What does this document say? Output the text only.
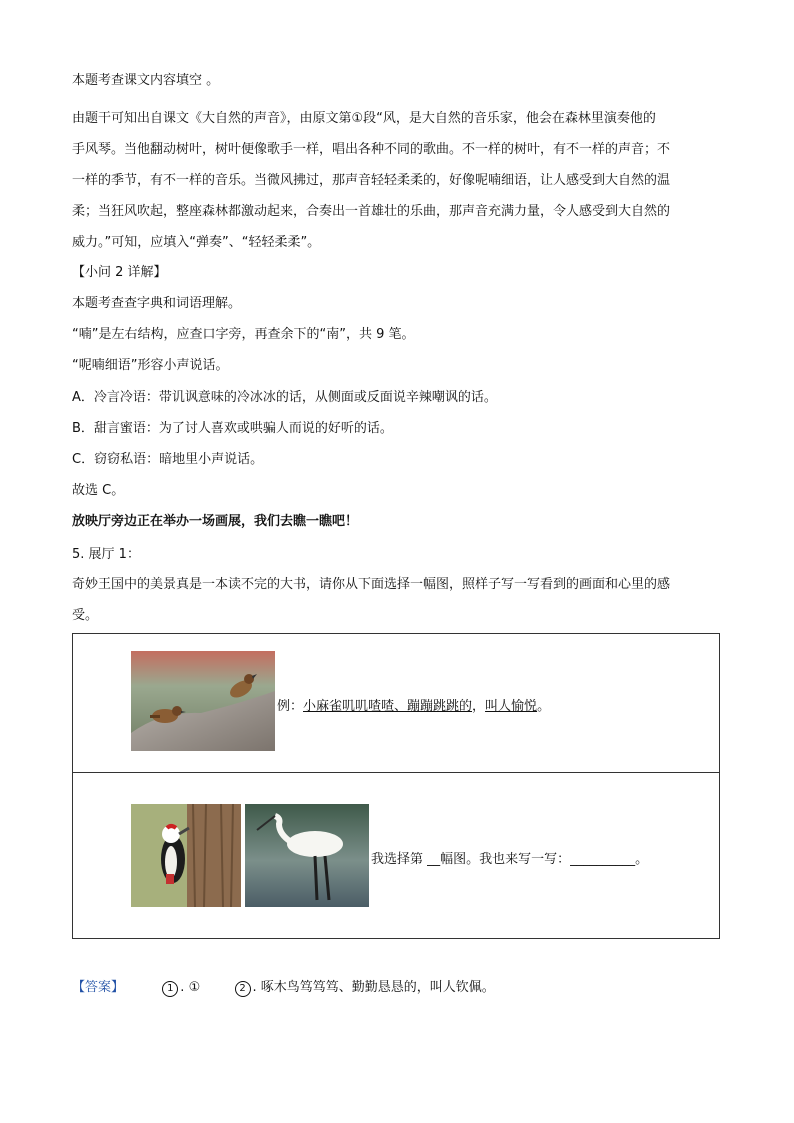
本题考查课文内容填空 。
由题干可知出自课文《大自然的声音》，由原文第①段“风，是大自然的音乐家，他会在森林里演奏他的
手风琴。当他翻动树叶，树叶便像歌手一样，唱出各种不同的歌曲。不一样的树叶，有不一样的声音；不
一样的季节，有不一样的音乐。当微风拂过，那声音轻轻柔柔的，好像呢喃细语，让人感受到大自然的温
柔；当狂风吹起，整座森林都激动起来，合奏出一首雄壮的乐曲，那声音充满力量，令人感受到大自然的
威力。”可知，应填入“弹奏”、“轻轻柔柔”。
【小问 2 详解】
本题考查查字典和词语理解。
“喃”是左右结构，应查口字旁，再查余下的“南”，共 9 笔。
“呢喃细语”形容小声说话。
A．冷言冷语：带讥讽意味的冷冰冰的话，从侧面或反面说辛辣嘲讽的话。
B．甜言蜜语：为了讨人喜欢或哄骗人而说的好听的话。
C．窃窃私语：暗地里小声说话。
故选 C。
放映厅旁边正在举办一场画展，我们去瞧一瞧吧！
5. 展厅 1：
奇妙王国中的美景真是一本读不完的大书，请你从下面选择一幅图，照样子写一写看到的画面和心里的感
受。
例：小麻雀叽叽喳喳、蹦蹦跳跳的，叫人愉悦。
我选择第 __幅图。我也来写一写：__________。
【答案】	1 . ①	2 . 啄木鸟笃笃笃、勤勤恳恳的，叫人钦佩。
